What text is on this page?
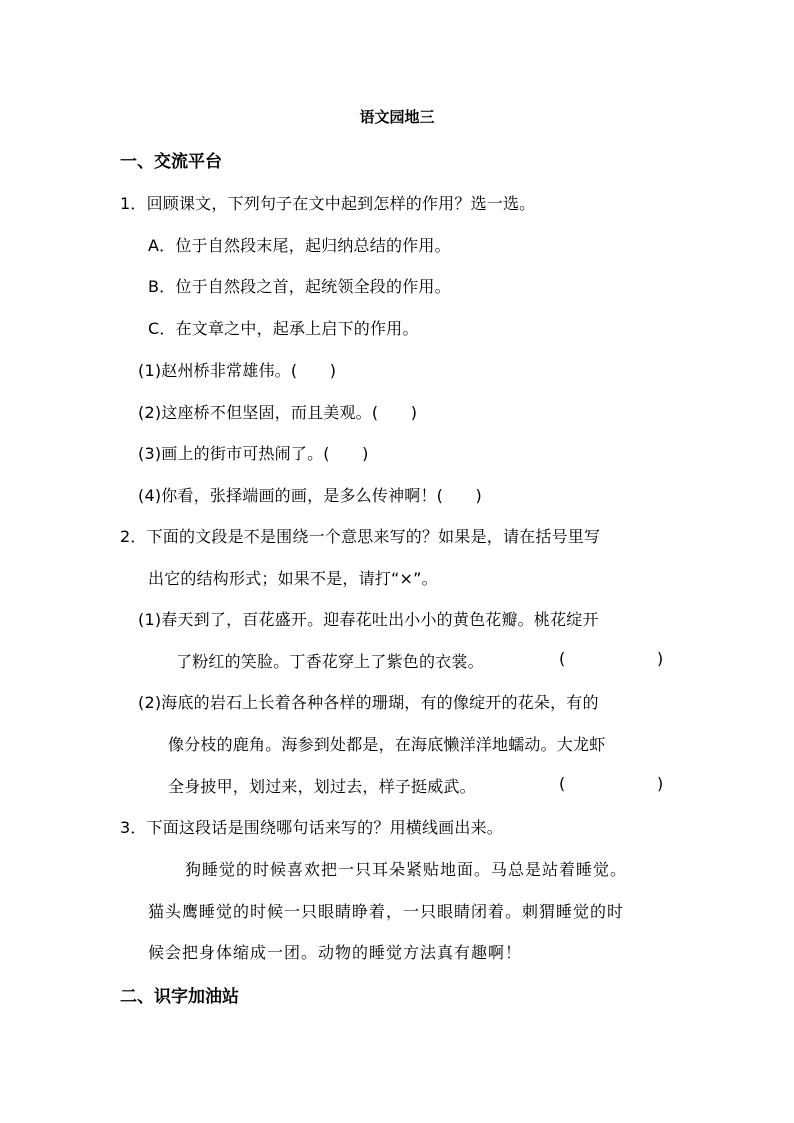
语文园地三
一、交流平台
1．回顾课文，下列句子在文中起到怎样的作用？选一选。
A．位于自然段末尾，起归纳总结的作用。
B．位于自然段之首，起统领全段的作用。
C．在文章之中，起承上启下的作用。
(1)赵州桥非常雄伟。(　　)
(2)这座桥不但坚固，而且美观。(　　)
(3)画上的街市可热闹了。(　　)
(4)你看，张择端画的画，是多么传神啊！(　　)
2．下面的文段是不是围绕一个意思来写的？如果是，请在括号里写
出它的结构形式；如果不是，请打“×”。
(1)春天到了，百花盛开。迎春花吐出小小的黄色花瓣。桃花绽开
了粉红的笑脸。丁香花穿上了紫色的衣裳。	(	)
(2)海底的岩石上长着各种各样的珊瑚，有的像绽开的花朵，有的
像分枝的鹿角。海参到处都是，在海底懒洋洋地蠕动。大龙虾
全身披甲，划过来，划过去，样子挺威武。	(	)
3．下面这段话是围绕哪句话来写的？用横线画出来。
狗睡觉的时候喜欢把一只耳朵紧贴地面。马总是站着睡觉。
猫头鹰睡觉的时候一只眼睛睁着，一只眼睛闭着。刺猬睡觉的时
候会把身体缩成一团。动物的睡觉方法真有趣啊！
二、识字加油站
